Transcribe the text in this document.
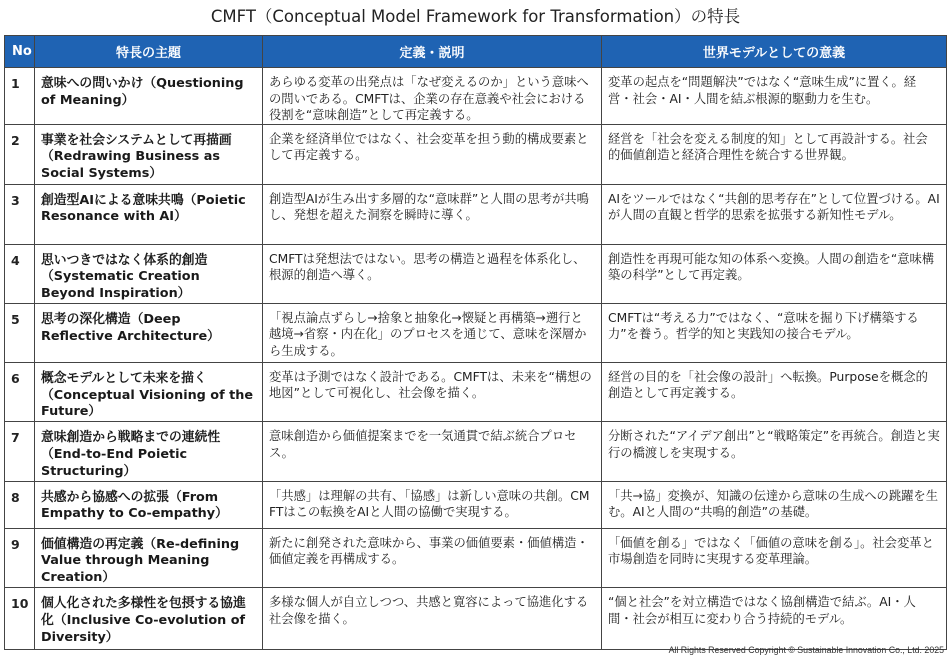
CMFT（Conceptual Model Framework for Transformation）の特長
No	特長の主題	定義・説明	世界モデルとしての意義
1	意味への問いかけ（Questioning of Meaning）	あらゆる変革の出発点は「なぜ変えるのか」という意味への問いである。CMFTは、企業の存在意義や社会における役割を“意味創造”として再定義する。	変革の起点を“問題解決”ではなく“意味生成”に置く。経営・社会・AI・人間を結ぶ根源的駆動力を生む。
2	事業を社会システムとして再描画（Redrawing Business as Social Systems）	企業を経済単位ではなく、社会変革を担う動的構成要素として再定義する。	経営を「社会を変える制度的知」として再設計する。社会的価値創造と経済合理性を統合する世界観。
3	創造型AIによる意味共鳴（Poietic Resonance with AI）	創造型AIが生み出す多層的な“意味群”と人間の思考が共鳴し、発想を超えた洞察を瞬時に導く。	AIをツールではなく“共創的思考存在”として位置づける。AIが人間の直観と哲学的思索を拡張する新知性モデル。
4	思いつきではなく体系的創造（Systematic Creation Beyond Inspiration）	CMFTは発想法ではない。思考の構造と過程を体系化し、根源的創造へ導く。	創造性を再現可能な知の体系へ変換。人間の創造を“意味構築の科学”として再定義。
5	思考の深化構造（Deep Reflective Architecture）	「視点論点ずらし→捨象と抽象化→懐疑と再構築→遡行と越境→省察・内在化」のプロセスを通じて、意味を深層から生成する。	CMFTは“考える力”ではなく、“意味を掘り下げ構築する力”を養う。哲学的知と実践知の接合モデル。
6	概念モデルとして未来を描く（Conceptual Visioning of the Future）	変革は予測ではなく設計である。CMFTは、未来を“構想の地図”として可視化し、社会像を描く。	経営の目的を「社会像の設計」へ転換。Purposeを概念的創造として再定義する。
7	意味創造から戦略までの連続性（End-to-End Poietic Structuring）	意味創造から価値提案までを一気通貫で結ぶ統合プロセス。	分断された“アイデア創出”と“戦略策定”を再統合。創造と実行の橋渡しを実現する。
8	共感から協感への拡張（From Empathy to Co-empathy）	「共感」は理解の共有、「協感」は新しい意味の共創。CMFTはこの転換をAIと人間の協働で実現する。	「共→協」変換が、知識の伝達から意味の生成への跳躍を生む。AIと人間の“共鳴的創造”の基礎。
9	価値構造の再定義（Re-defining Value through Meaning Creation）	新たに創発された意味から、事業の価値要素・価値構造・価値定義を再構成する。	「価値を創る」ではなく「価値の意味を創る」。社会変革と市場創造を同時に実現する変革理論。
10	個人化された多様性を包摂する協進化（Inclusive Co-evolution of Diversity）	多様な個人が自立しつつ、共感と寛容によって協進化する社会像を描く。	“個と社会”を対立構造ではなく協創構造で結ぶ。AI・人間・社会が相互に変わり合う持続的モデル。
All Rights Reserved Copyright © Sustainable Innovation Co., Ltd. 2025
